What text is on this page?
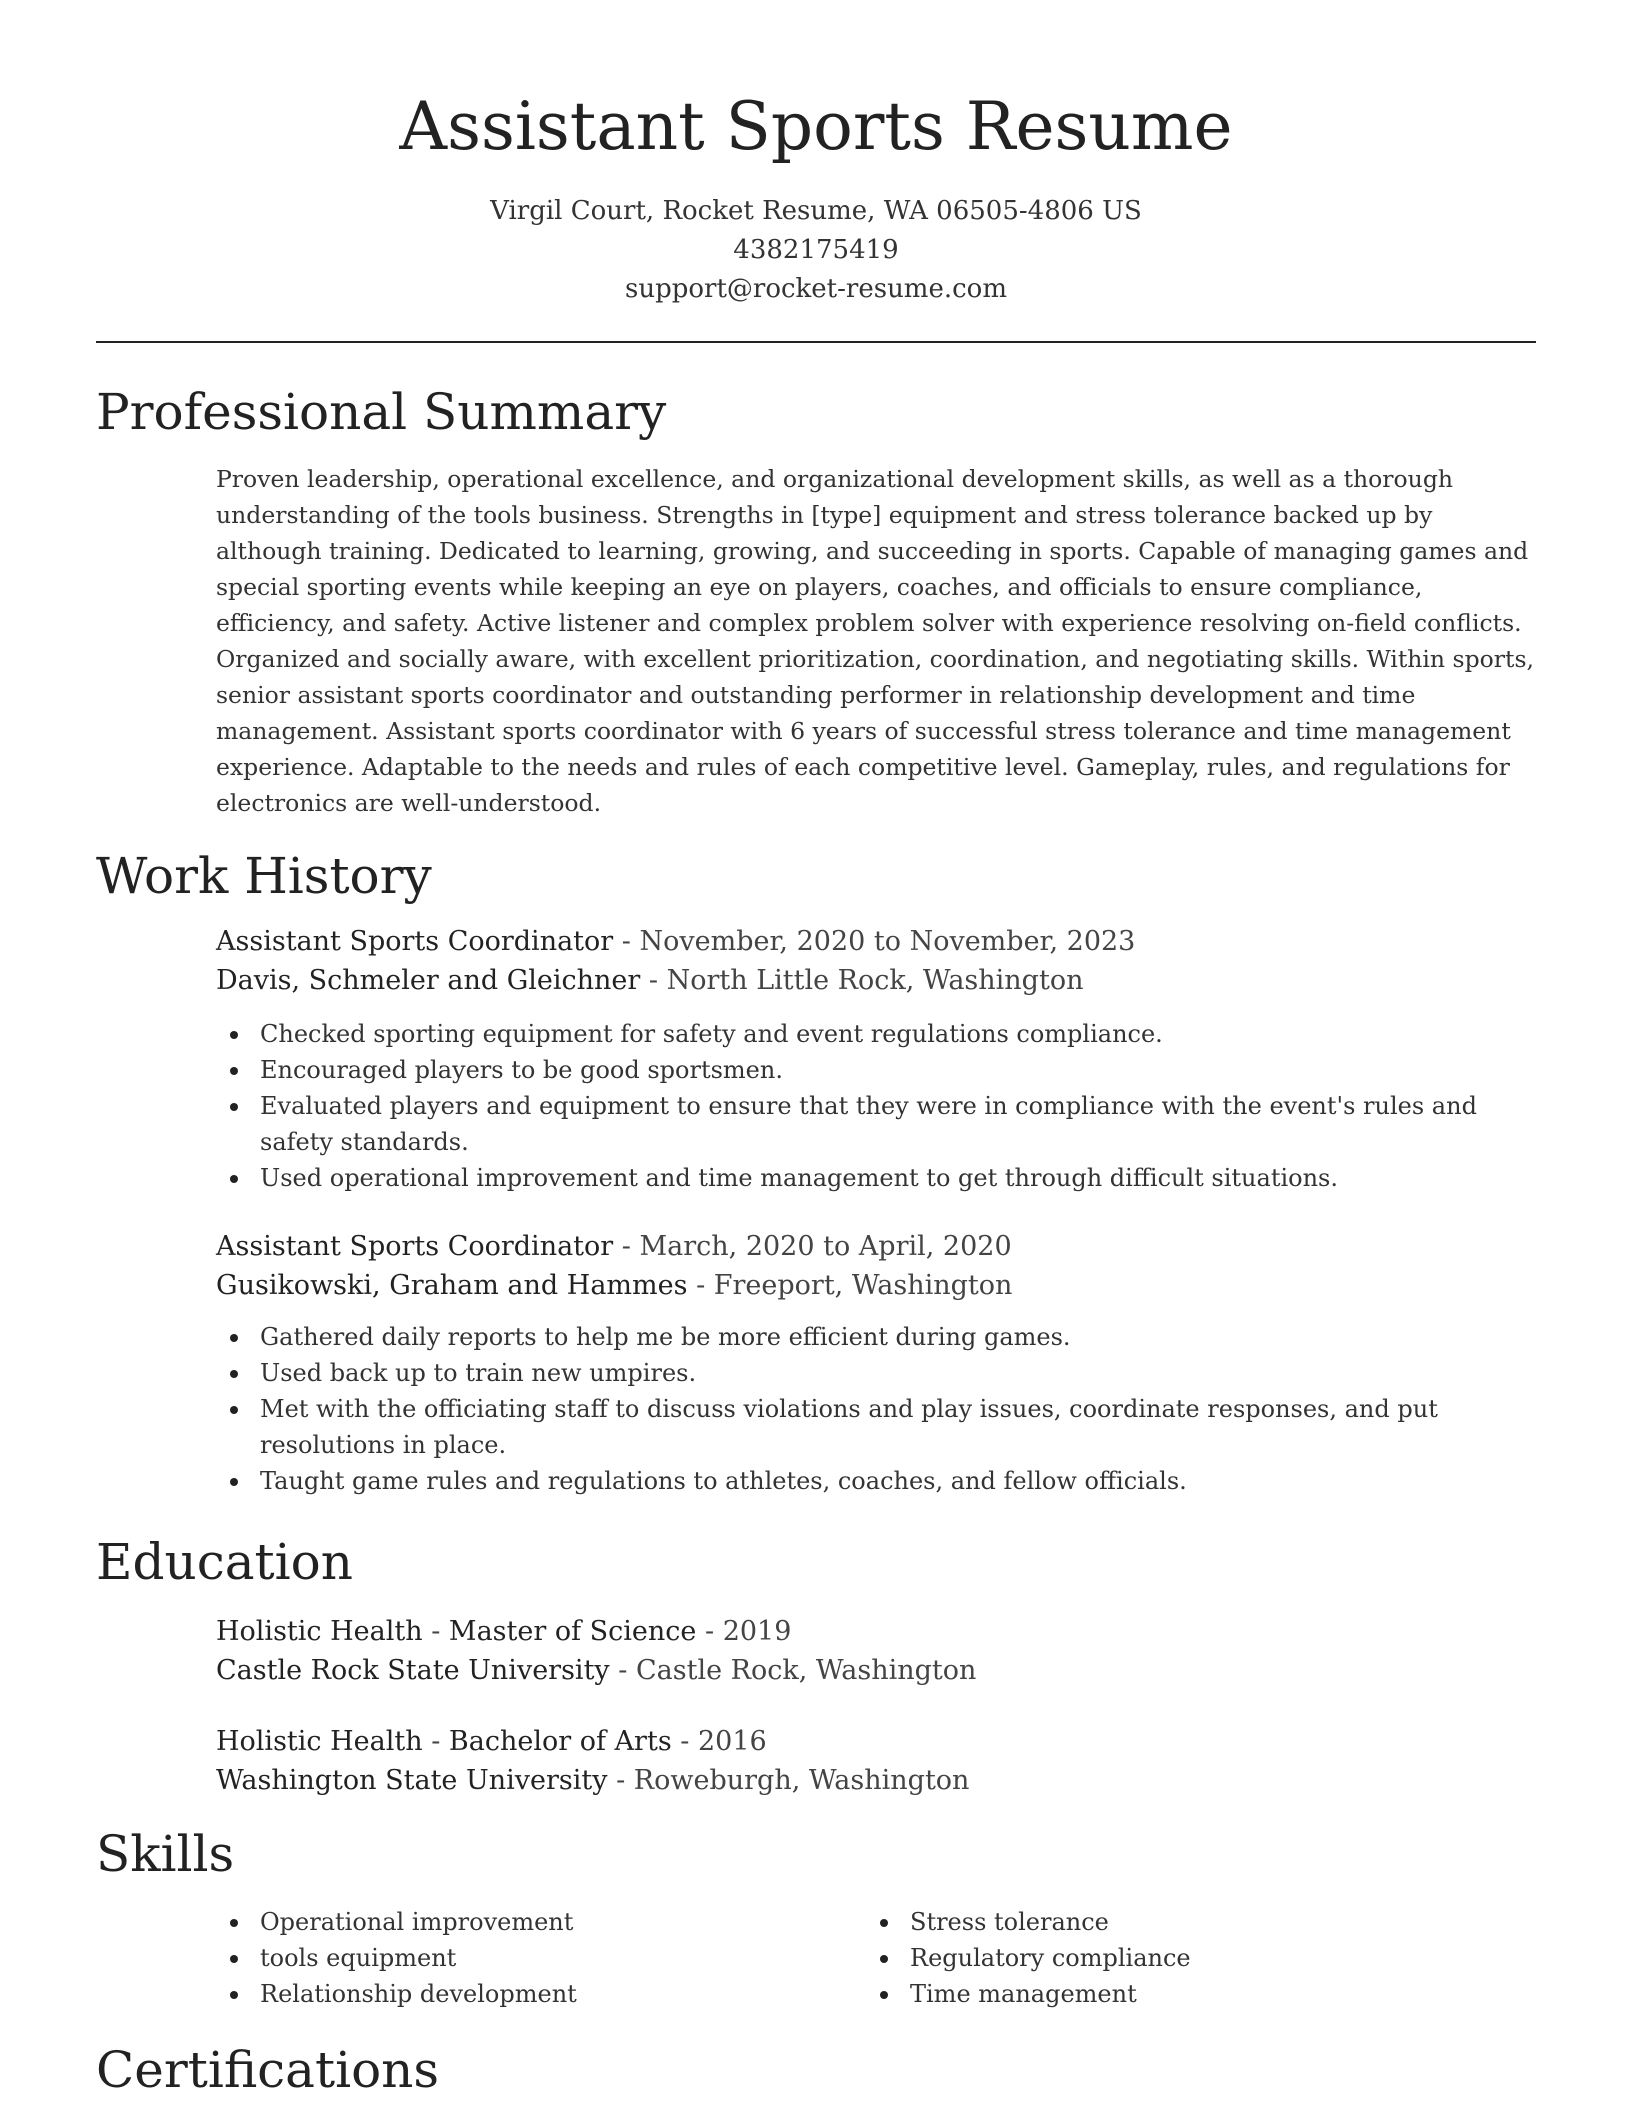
Assistant Sports Resume
Virgil Court, Rocket Resume, WA 06505-4806 US
4382175419
support@rocket-resume.com
Professional Summary
Proven leadership, operational excellence, and organizational development skills, as well as a thorough understanding of the tools business. Strengths in [type] equipment and stress tolerance backed up by although training. Dedicated to learning, growing, and succeeding in sports. Capable of managing games and special sporting events while keeping an eye on players, coaches, and officials to ensure compliance, efficiency, and safety. Active listener and complex problem solver with experience resolving on-field conflicts. Organized and socially aware, with excellent prioritization, coordination, and negotiating skills. Within sports, senior assistant sports coordinator and outstanding performer in relationship development and time management. Assistant sports coordinator with 6 years of successful stress tolerance and time management experience. Adaptable to the needs and rules of each competitive level. Gameplay, rules, and regulations for electronics are well-understood.
Work History
Assistant Sports Coordinator - November, 2020 to November, 2023
Davis, Schmeler and Gleichner - North Little Rock, Washington
Checked sporting equipment for safety and event regulations compliance.
Encouraged players to be good sportsmen.
Evaluated players and equipment to ensure that they were in compliance with the event's rules and safety standards.
Used operational improvement and time management to get through difficult situations.
Assistant Sports Coordinator - March, 2020 to April, 2020
Gusikowski, Graham and Hammes - Freeport, Washington
Gathered daily reports to help me be more efficient during games.
Used back up to train new umpires.
Met with the officiating staff to discuss violations and play issues, coordinate responses, and put resolutions in place.
Taught game rules and regulations to athletes, coaches, and fellow officials.
Education
Holistic Health - Master of Science - 2019
Castle Rock State University - Castle Rock, Washington
Holistic Health - Bachelor of Arts - 2016
Washington State University - Roweburgh, Washington
Skills
Operational improvement
tools equipment
Relationship development
Stress tolerance
Regulatory compliance
Time management
Certifications
